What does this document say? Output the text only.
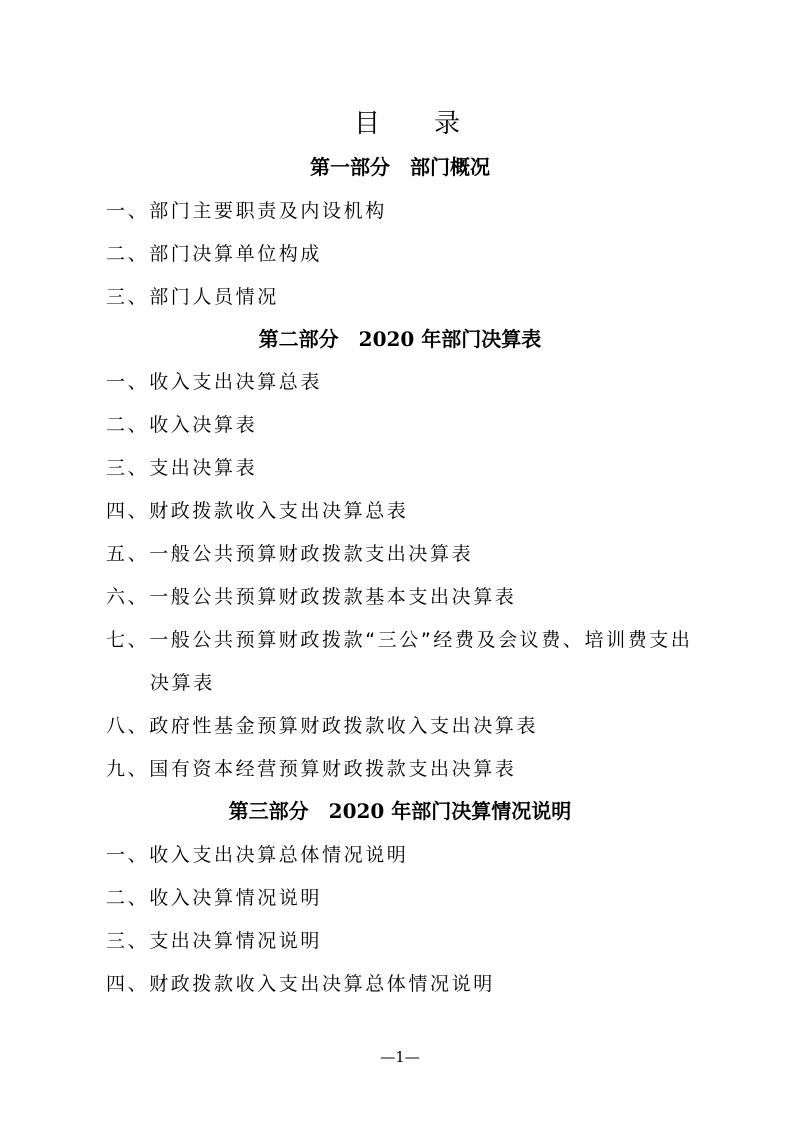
目　录
第一部分　部门概况
一、部门主要职责及内设机构
二、部门决算单位构成
三、部门人员情况
第二部分　2020 年部门决算表
一、收入支出决算总表
二、收入决算表
三、支出决算表
四、财政拨款收入支出决算总表
五、一般公共预算财政拨款支出决算表
六、一般公共预算财政拨款基本支出决算表
七、一般公共预算财政拨款“三公”经费及会议费、培训费支出
决算表
八、政府性基金预算财政拨款收入支出决算表
九、国有资本经营预算财政拨款支出决算表
第三部分　2020 年部门决算情况说明
一、收入支出决算总体情况说明
二、收入决算情况说明
三、支出决算情况说明
四、财政拨款收入支出决算总体情况说明
—1—
